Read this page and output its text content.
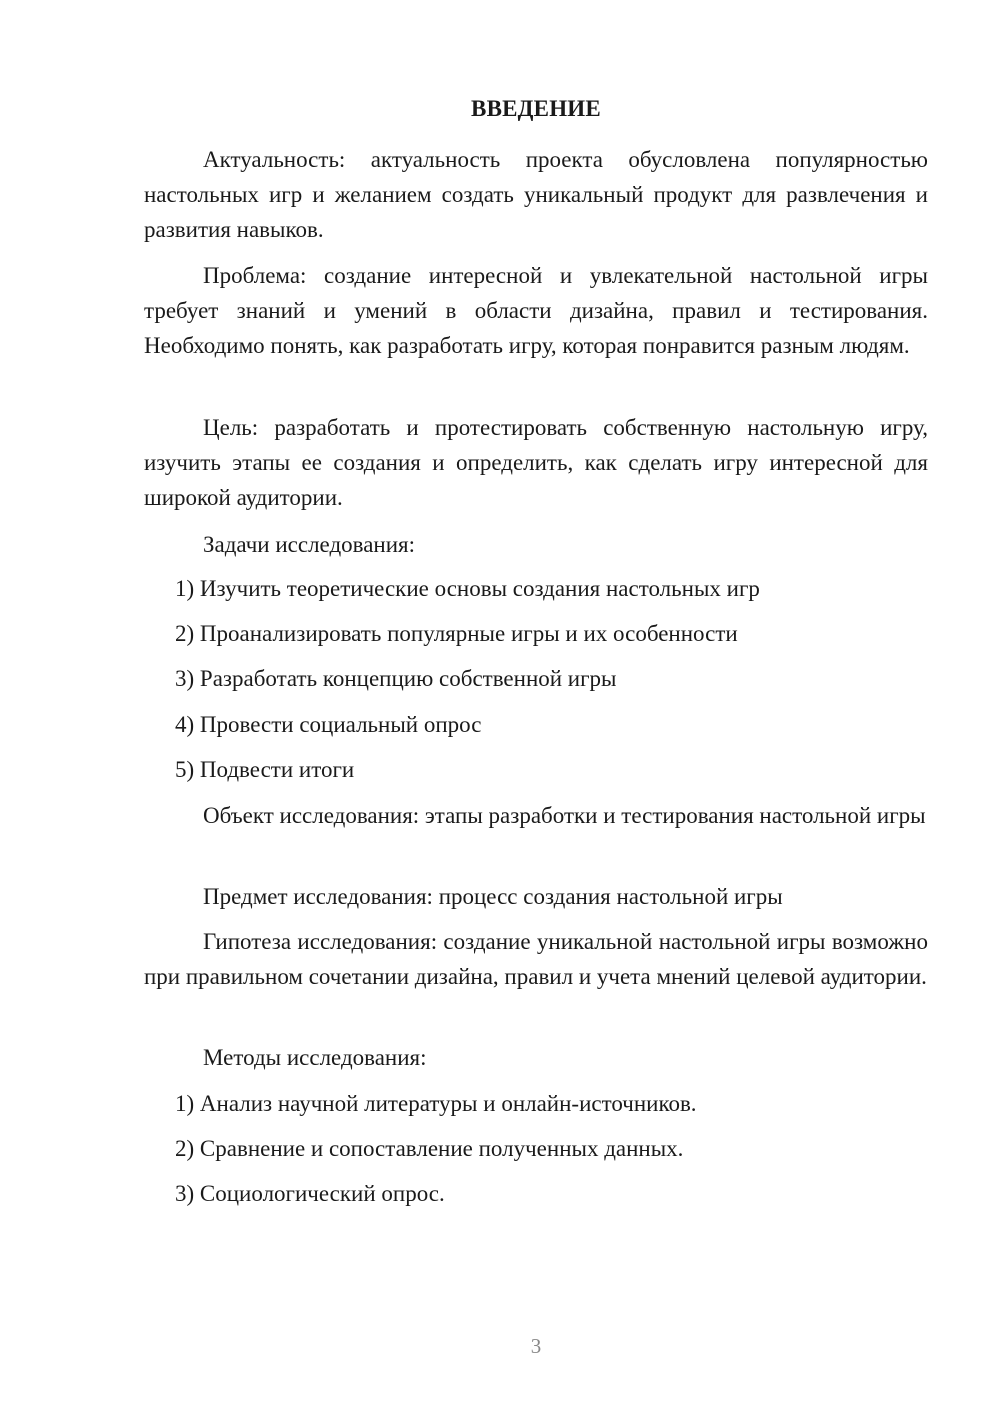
ВВЕДЕНИЕ

Актуальность: актуальность проекта обусловлена популярностью настольных игр и желанием создать уникальный продукт для развлечения и развития навыков.

Проблема: создание интересной и увлекательной настольной игры требует знаний и умений в области дизайна, правил и тестирования. Необходимо понять, как разработать игру, которая понравится разным людям.

Цель: разработать и протестировать собственную настольную игру, изучить этапы ее создания и определить, как сделать игру интересной для широкой аудитории.

Задачи исследования:

1) Изучить теоретические основы создания настольных игр
2) Проанализировать популярные игры и их особенности
3) Разработать концепцию собственной игры
4) Провести социальный опрос
5) Подвести итоги

Объект исследования: этапы разработки и тестирования настольной игры

Предмет исследования: процесс создания настольной игры

Гипотеза исследования: создание уникальной настольной игры возможно при правильном сочетании дизайна, правил и учета мнений целевой аудитории.

Методы исследования:

1) Анализ научной литературы и онлайн-источников.
2) Сравнение и сопоставление полученных данных.
3) Социологический опрос.
3
